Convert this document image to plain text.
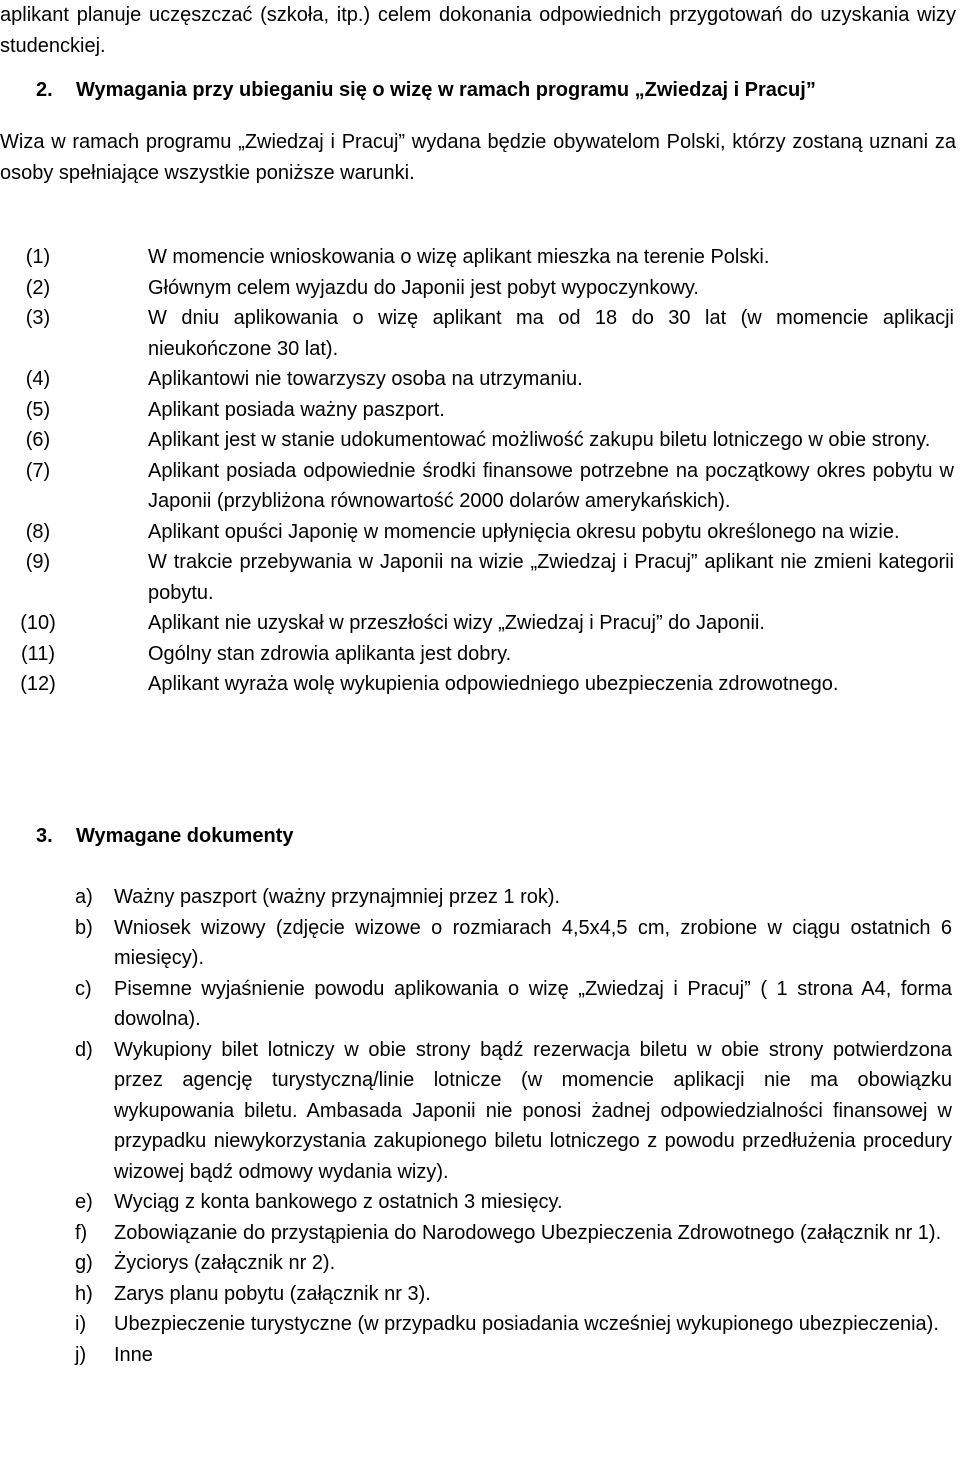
aplikant planuje uczęszczać (szkoła, itp.) celem dokonania odpowiednich przygotowań do uzyskania wizy studenckiej.

2. Wymagania przy ubieganiu się o wizę w ramach programu „Zwiedzaj i Pracuj”

Wiza w ramach programu „Zwiedzaj i Pracuj” wydana będzie obywatelom Polski, którzy zostaną uznani za osoby spełniające wszystkie poniższe warunki.

(1)	W momencie wnioskowania o wizę aplikant mieszka na terenie Polski.
(2)	Głównym celem wyjazdu do Japonii jest pobyt wypoczynkowy.
(3)	W dniu aplikowania o wizę aplikant ma od 18 do 30 lat (w momencie aplikacji nieukończone 30 lat).
(4)	Aplikantowi nie towarzyszy osoba na utrzymaniu.
(5)	Aplikant posiada ważny paszport.
(6)	Aplikant jest w stanie udokumentować możliwość zakupu biletu lotniczego w obie strony.
(7)	Aplikant posiada odpowiednie środki finansowe potrzebne na początkowy okres pobytu w Japonii (przybliżona równowartość 2000 dolarów amerykańskich).
(8)	Aplikant opuści Japonię w momencie upłynięcia okresu pobytu określonego na wizie.
(9)	W trakcie przebywania w Japonii na wizie „Zwiedzaj i Pracuj” aplikant nie zmieni kategorii pobytu.
(10)	Aplikant nie uzyskał w przeszłości wizy „Zwiedzaj i Pracuj” do Japonii.
(11)	Ogólny stan zdrowia aplikanta jest dobry.
(12)	Aplikant wyraża wolę wykupienia odpowiedniego ubezpieczenia zdrowotnego.
3. Wymagane dokumenty
a) Ważny paszport (ważny przynajmniej przez 1 rok).
b) Wniosek wizowy (zdjęcie wizowe o rozmiarach 4,5x4,5 cm, zrobione w ciągu ostatnich 6 miesięcy).
c) Pisemne wyjaśnienie powodu aplikowania o wizę „Zwiedzaj i Pracuj” ( 1 strona A4, forma dowolna).
d) Wykupiony bilet lotniczy w obie strony bądź rezerwacja biletu w obie strony potwierdzona przez agencję turystyczną/linie lotnicze (w momencie aplikacji nie ma obowiązku wykupowania biletu. Ambasada Japonii nie ponosi żadnej odpowiedzialności finansowej w przypadku niewykorzystania zakupionego biletu lotniczego z powodu przedłużenia procedury wizowej bądź odmowy wydania wizy).
e) Wyciąg z konta bankowego z ostatnich 3 miesięcy.
f) Zobowiązanie do przystąpienia do Narodowego Ubezpieczenia Zdrowotnego (załącznik nr 1).
g) Życiorys (załącznik nr 2).
h) Zarys planu pobytu (załącznik nr 3).
i) Ubezpieczenie turystyczne (w przypadku posiadania wcześniej wykupionego ubezpieczenia).
j) Inne
